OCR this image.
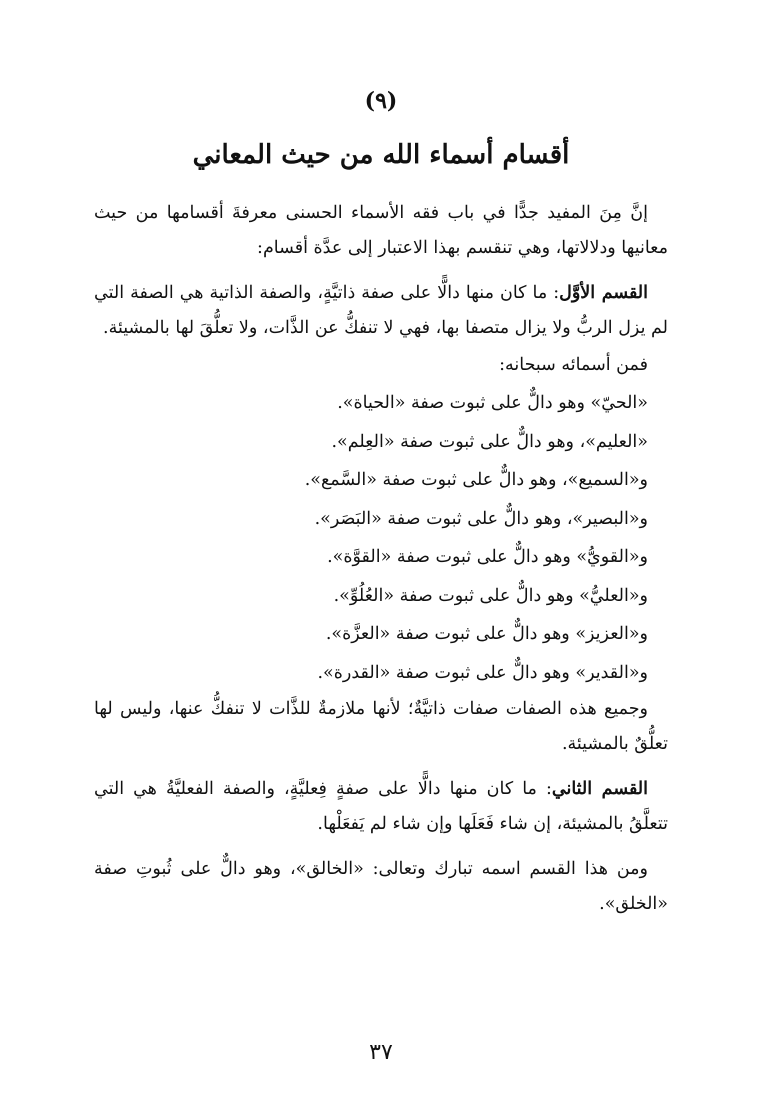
(٩)
أقسام أسماء الله من حيث المعاني

إنَّ مِنَ المفيد جدًّا في باب فقه الأسماء الحسنى معرفةَ أقسامها من حيث معانيها ودلالاتها، وهي تنقسم بهذا الاعتبار إلى عدَّة أقسام:

القسم الأوَّل: ما كان منها دالًّا على صفة ذاتيَّةٍ، والصفة الذاتية هي الصفة التي لم يزل الربُّ ولا يزال متصفا بها، فهي لا تنفكُّ عن الذَّات، ولا تعلُّقَ لها بالمشيئة.

فمن أسمائه سبحانه:

«الحيّ» وهو دالٌّ على ثبوت صفة «الحياة».

«العليم»، وهو دالٌّ على ثبوت صفة «العِلم».

و«السميع»، وهو دالٌّ على ثبوت صفة «السَّمع».

و«البصير»، وهو دالٌّ على ثبوت صفة «البَصَر».

و«القويُّ» وهو دالٌّ على ثبوت صفة «القوَّة».

و«العليُّ» وهو دالٌّ على ثبوت صفة «العُلُوِّ».

و«العزيز» وهو دالٌّ على ثبوت صفة «العزَّة».

و«القدير» وهو دالٌّ على ثبوت صفة «القدرة».

وجميع هذه الصفات صفات ذاتيَّةٌ؛ لأنها ملازمةٌ للذَّات لا تنفكُّ عنها، وليس لها تعلُّقٌ بالمشيئة.

القسم الثاني: ما كان منها دالًّا على صفةٍ فِعليَّةٍ، والصفة الفعليَّةُ هي التي تتعلَّقُ بالمشيئة، إن شاء فَعَلَها وإن شاء لم يَفعَلْها.

ومن هذا القسم اسمه تبارك وتعالى: «الخالق»، وهو دالٌّ على ثُبوتِ صفة «الخلق».

٣٧
